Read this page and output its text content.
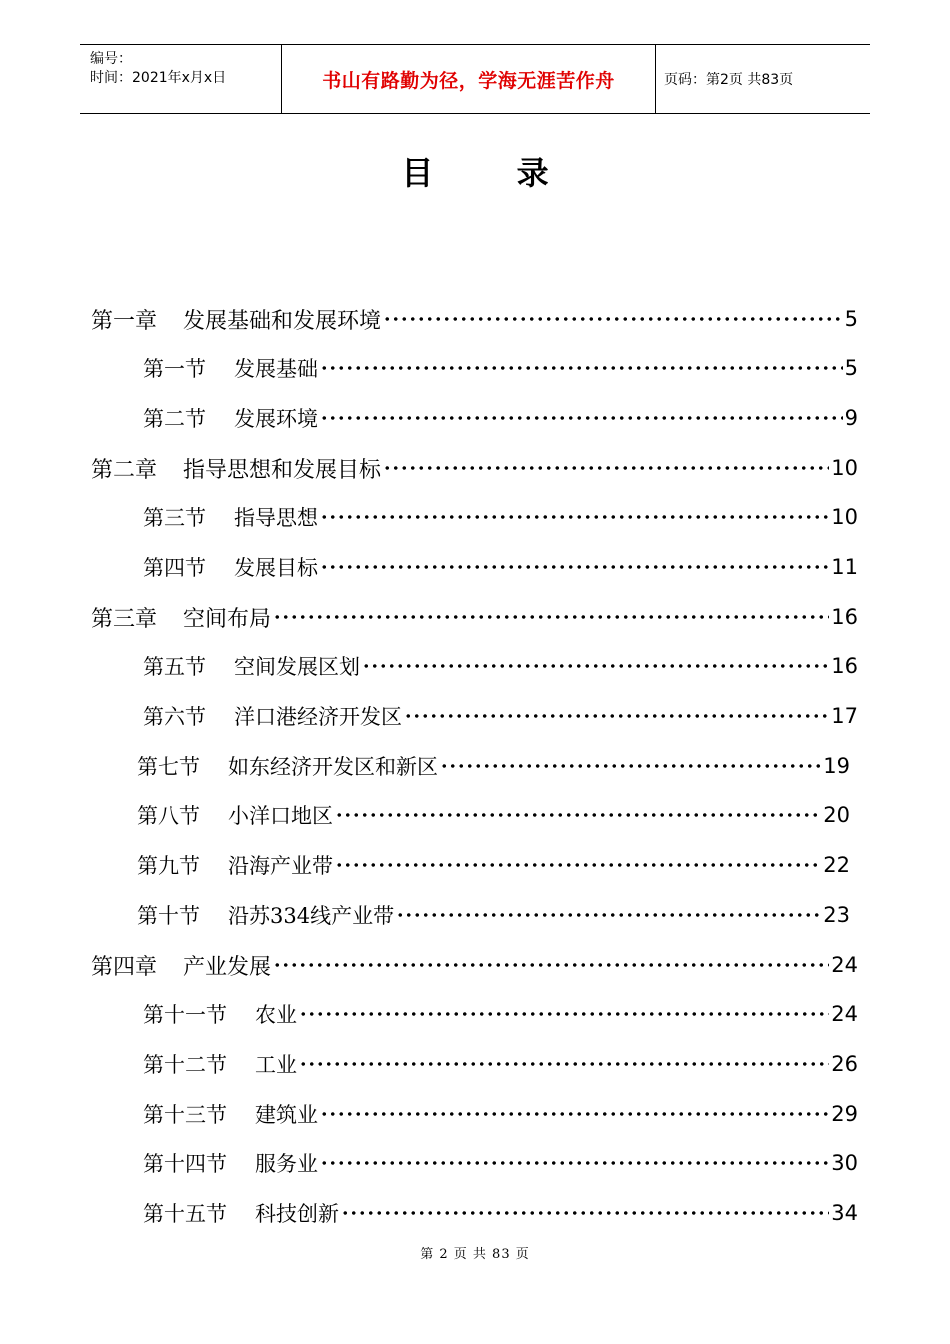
编号：
时间：2021年x月x日	书山有路勤为径，学海无涯苦作舟	页码：第2页 共83页
目 录
第一章 发展基础和发展环境	5
第一节 发展基础	5
第二节 发展环境	9
第二章 指导思想和发展目标	10
第三节 指导思想	10
第四节 发展目标	11
第三章 空间布局	16
第五节 空间发展区划	16
第六节 洋口港经济开发区	17
第七节 如东经济开发区和新区	19
第八节 小洋口地区	20
第九节 沿海产业带	22
第十节 沿苏334线产业带	23
第四章 产业发展	24
第十一节 农业	24
第十二节 工业	26
第十三节 建筑业	29
第十四节 服务业	30
第十五节 科技创新	34
第 2 页 共 83 页
